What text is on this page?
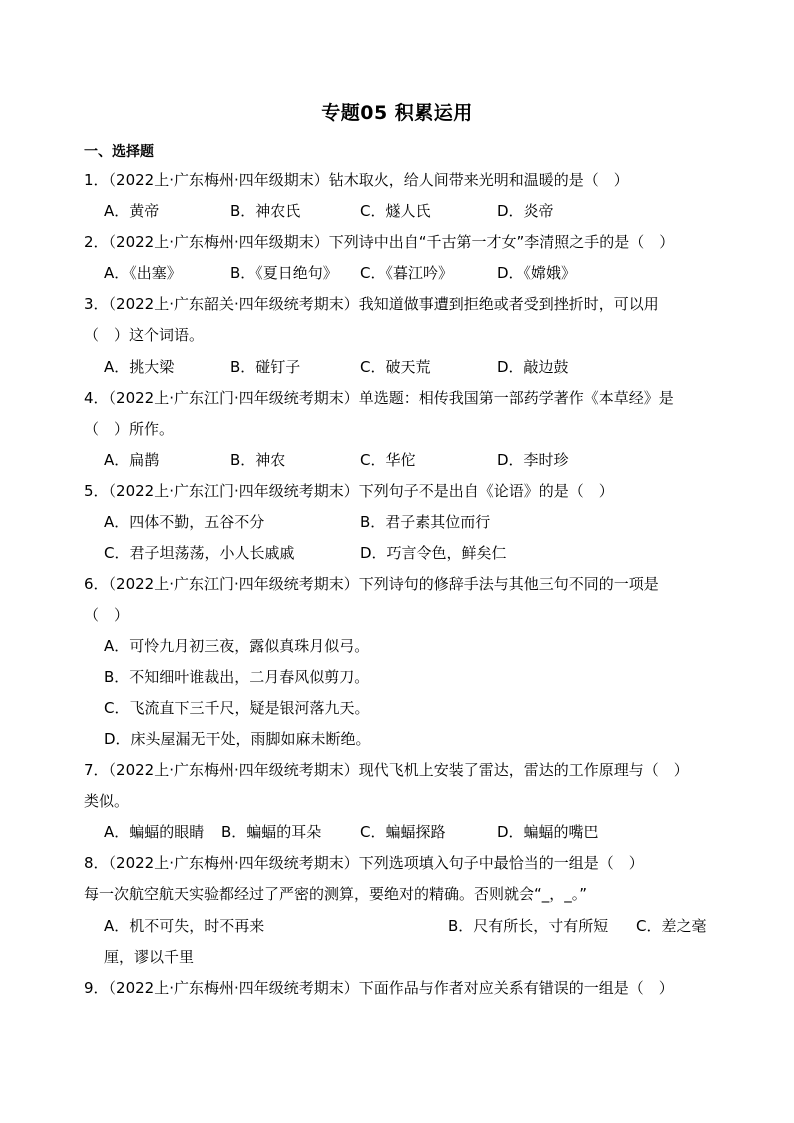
专题05 积累运用
一、选择题
1．（2022上·广东梅州·四年级期末）钻木取火，给人间带来光明和温暖的是（　）
A．黄帝	B．神农氏	C．燧人氏	D．炎帝
2．（2022上·广东梅州·四年级期末）下列诗中出自“千古第一才女”李清照之手的是（　）
A．《出塞》	B．《夏日绝句》 C．《暮江吟》	D．《嫦娥》
3．（2022上·广东韶关·四年级统考期末）我知道做事遭到拒绝或者受到挫折时，可以用
（　）这个词语。
A．挑大梁	B．碰钉子	C．破天荒	D．敲边鼓
4．（2022上·广东江门·四年级统考期末）单选题：相传我国第一部药学著作《本草经》是
（　）所作。
A．扁鹊	B．神农	C．华佗	D．李时珍
5．（2022上·广东江门·四年级统考期末）下列句子不是出自《论语》的是（　）
A．四体不勤，五谷不分	B．君子素其位而行
C．君子坦荡荡，小人长戚戚	D．巧言令色，鲜矣仁
6．（2022上·广东江门·四年级统考期末）下列诗句的修辞手法与其他三句不同的一项是
（　）
A．可怜九月初三夜，露似真珠月似弓。
B．不知细叶谁裁出，二月春风似剪刀。
C．飞流直下三千尺，疑是银河落九天。
D．床头屋漏无干处，雨脚如麻未断绝。
7．（2022上·广东梅州·四年级统考期末）现代飞机上安装了雷达，雷达的工作原理与（　）
类似。
A．蝙蝠的眼睛 B．蝙蝠的耳朵	C．蝙蝠探路	D．蝙蝠的嘴巴
8．（2022上·广东梅州·四年级统考期末）下列选项填入句子中最恰当的一组是（　）
每一次航空航天实验都经过了严密的测算，要绝对的精确。否则就会“_，_。”
A．机不可失，时不再来	B．尺有所长，寸有所短 C．差之毫
厘，谬以千里
9．（2022上·广东梅州·四年级统考期末）下面作品与作者对应关系有错误的一组是（　）
